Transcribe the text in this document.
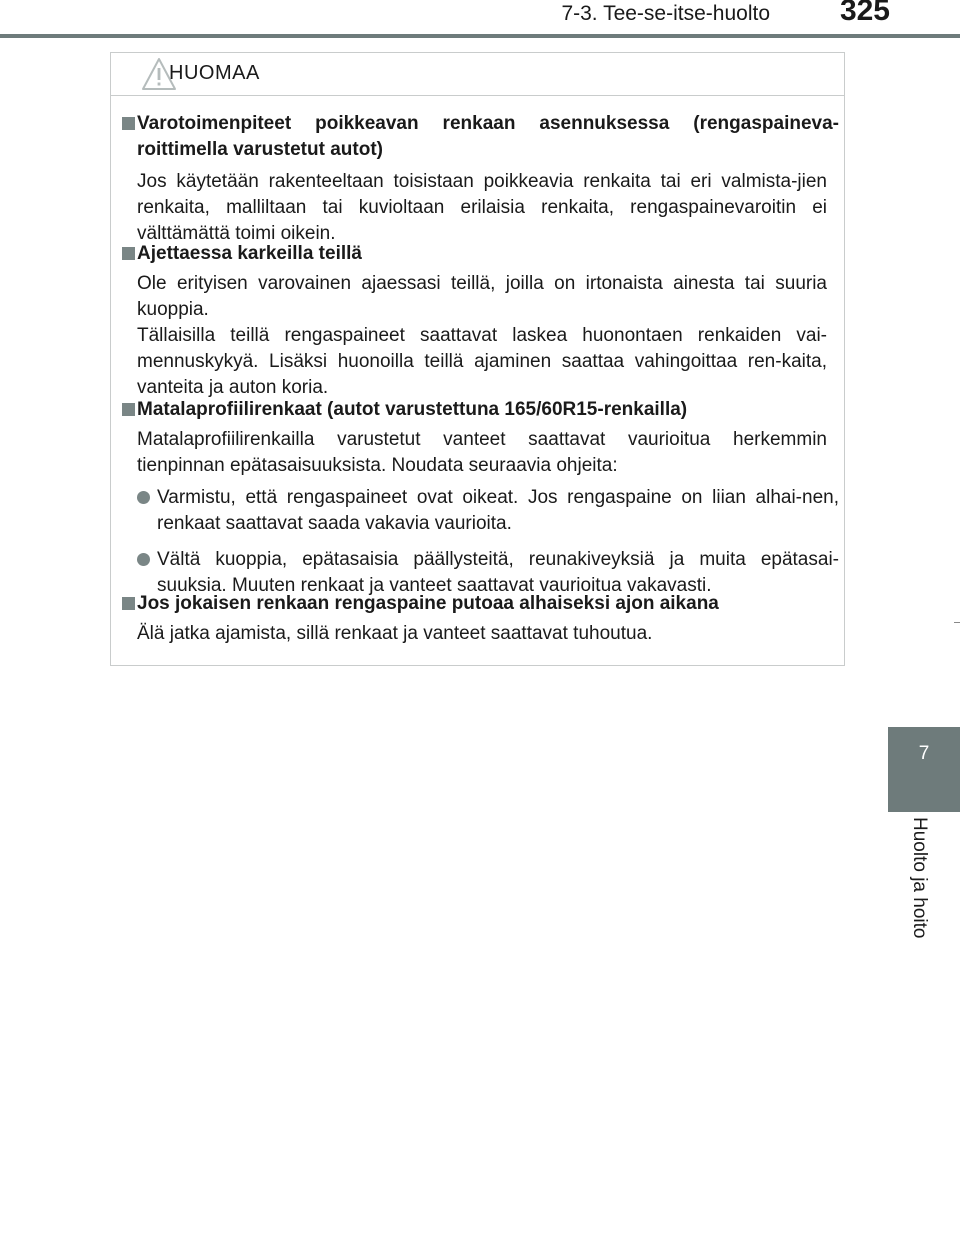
7-3. Tee-se-itse-huolto	325
7
Huolto ja hoito
HUOMAA
Varotoimenpiteet poikkeavan renkaan asennuksessa (rengaspaineva-roittimella varustetut autot)
Jos käytetään rakenteeltaan toisistaan poikkeavia renkaita tai eri valmista-jien renkaita, malliltaan tai kuvioltaan erilaisia renkaita, rengaspainevaroitin ei välttämättä toimi oikein.
Ajettaessa karkeilla teillä
Ole erityisen varovainen ajaessasi teillä, joilla on irtonaista ainesta tai suuria kuoppia.
Tällaisilla teillä rengaspaineet saattavat laskea huonontaen renkaiden vai-mennuskykyä. Lisäksi huonoilla teillä ajaminen saattaa vahingoittaa ren-kaita, vanteita ja auton koria.
Matalaprofiilirenkaat (autot varustettuna 165/60R15-renkailla)
Matalaprofiilirenkailla varustetut vanteet saattavat vaurioitua herkemmin tienpinnan epätasaisuuksista. Noudata seuraavia ohjeita:
Varmistu, että rengaspaineet ovat oikeat. Jos rengaspaine on liian alhai-nen, renkaat saattavat saada vakavia vaurioita.
Vältä kuoppia, epätasaisia päällysteitä, reunakiveyksiä ja muita epätasai-suuksia. Muuten renkaat ja vanteet saattavat vaurioitua vakavasti.
Jos jokaisen renkaan rengaspaine putoaa alhaiseksi ajon aikana
Älä jatka ajamista, sillä renkaat ja vanteet saattavat tuhoutua.
